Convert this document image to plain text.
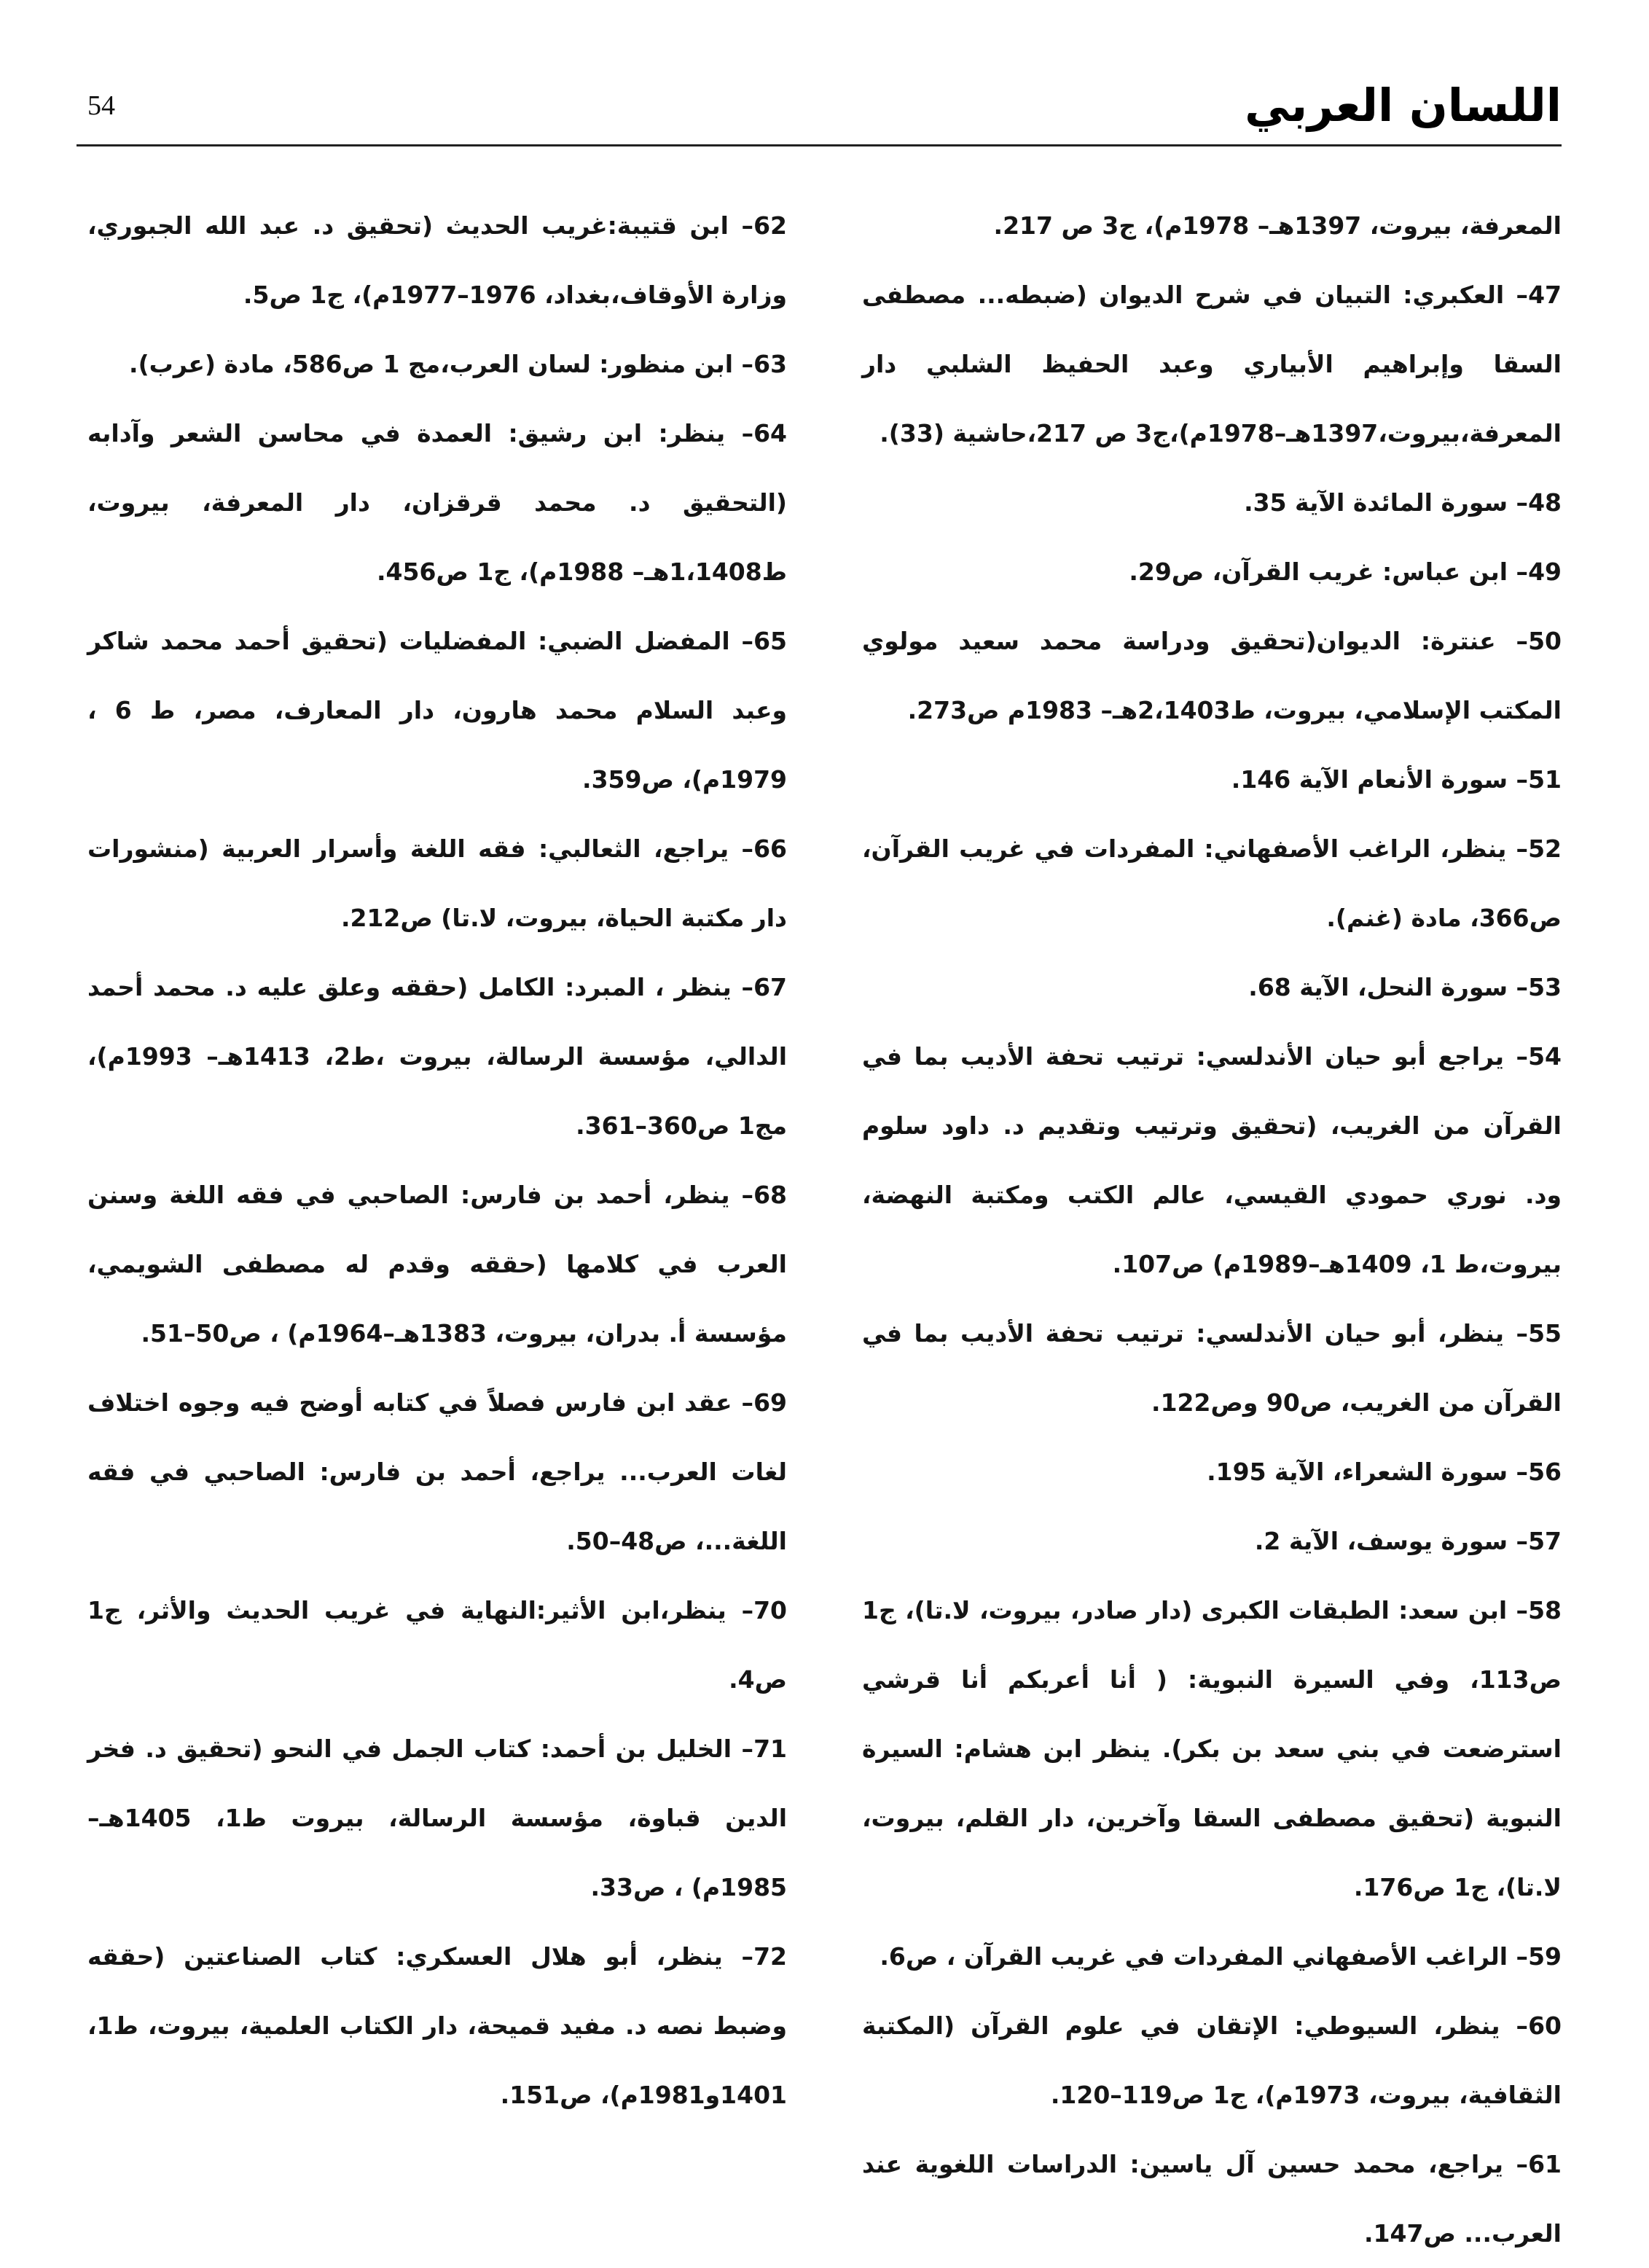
54	اللسان العربي

المعرفة، بيروت، 1397هـ– 1978م)، ج3 ص 217.

47– العكبري: التبيان في شرح الديوان (ضبطه... مصطفى السقا وإبراهيم الأبياري وعبد الحفيظ الشلبي دار المعرفة،بيروت،1397هـ–1978م)،ج3 ص 217،حاشية (33).

48– سورة المائدة الآية 35.

49– ابن عباس: غريب القرآن، ص29.

50– عنترة: الديوان(تحقيق ودراسة محمد سعيد مولوي المكتب الإسلامي، بيروت، ط2،1403هـ– 1983م ص273.

51– سورة الأنعام الآية 146.

52– ينظر، الراغب الأصفهاني: المفردات في غريب القرآن، ص366، مادة (غنم).

53– سورة النحل، الآية 68.

54– يراجع أبو حيان الأندلسي: ترتيب تحفة الأديب بما في القرآن من الغريب، (تحقيق وترتيب وتقديم د. داود سلوم ود. نوري حمودي القيسي، عالم الكتب ومكتبة النهضة، بيروت،ط 1، 1409هـ–1989م) ص107.

55– ينظر، أبو حيان الأندلسي: ترتيب تحفة الأديب بما في القرآن من الغريب، ص90 وص122.

56– سورة الشعراء، الآية 195.

57– سورة يوسف، الآية 2.

58– ابن سعد: الطبقات الكبرى (دار صادر، بيروت، لا.تا)، ج1 ص113، وفي السيرة النبوية: ( أنا أعربكم أنا قرشي استرضعت في بني سعد بن بكر). ينظر ابن هشام: السيرة النبوية (تحقيق مصطفى السقا وآخرين، دار القلم، بيروت، لا.تا)، ج1 ص176.

59– الراغب الأصفهاني المفردات في غريب القرآن ، ص6.

60– ينظر، السيوطي: الإتقان في علوم القرآن (المكتبة الثقافية، بيروت، 1973م)، ج1 ص119–120.

61– يراجع، محمد حسين آل ياسين: الدراسات اللغوية عند العرب... ص147.

62– ابن قتيبة:غريب الحديث (تحقيق د. عبد الله الجبوري، وزارة الأوقاف،بغداد، 1976–1977م)، ج1 ص5.

63– ابن منظور: لسان العرب،مج 1 ص586، مادة (عرب).

64– ينظر: ابن رشيق: العمدة في محاسن الشعر وآدابه (التحقيق د. محمد قرقزان، دار المعرفة، بيروت، ط1،1408هـ– 1988م)، ج1 ص456.

65– المفضل الضبي: المفضليات (تحقيق أحمد محمد شاكر وعبد السلام محمد هارون، دار المعارف، مصر، ط 6 ، 1979م)، ص359.

66– يراجع، الثعالبي: فقه اللغة وأسرار العربية (منشورات دار مكتبة الحياة، بيروت، لا.تا) ص212.

67– ينظر ، المبرد: الكامل (حققه وعلق عليه د. محمد أحمد الدالي، مؤسسة الرسالة، بيروت ،ط2، 1413هـ– 1993م)، مج1 ص360–361.

68– ينظر، أحمد بن فارس: الصاحبي في فقه اللغة وسنن العرب في كلامها (حققه وقدم له مصطفى الشويمي، مؤسسة أ. بدران، بيروت، 1383هـ–1964م) ، ص50–51.

69– عقد ابن فارس فصلاً في كتابه أوضح فيه وجوه اختلاف لغات العرب... يراجع، أحمد بن فارس: الصاحبي في فقه اللغة...، ص48–50.

70– ينظر،ابن الأثير:النهاية في غريب الحديث والأثر، ج1 ص4.

71– الخليل بن أحمد: كتاب الجمل في النحو (تحقيق د. فخر الدين قباوة، مؤسسة الرسالة، بيروت ط1، 1405هـ– 1985م) ، ص33.

72– ينظر، أبو هلال العسكري: كتاب الصناعتين (حققه وضبط نصه د. مفيد قميحة، دار الكتاب العلمية، بيروت، ط1، 1401و1981م)، ص151.
